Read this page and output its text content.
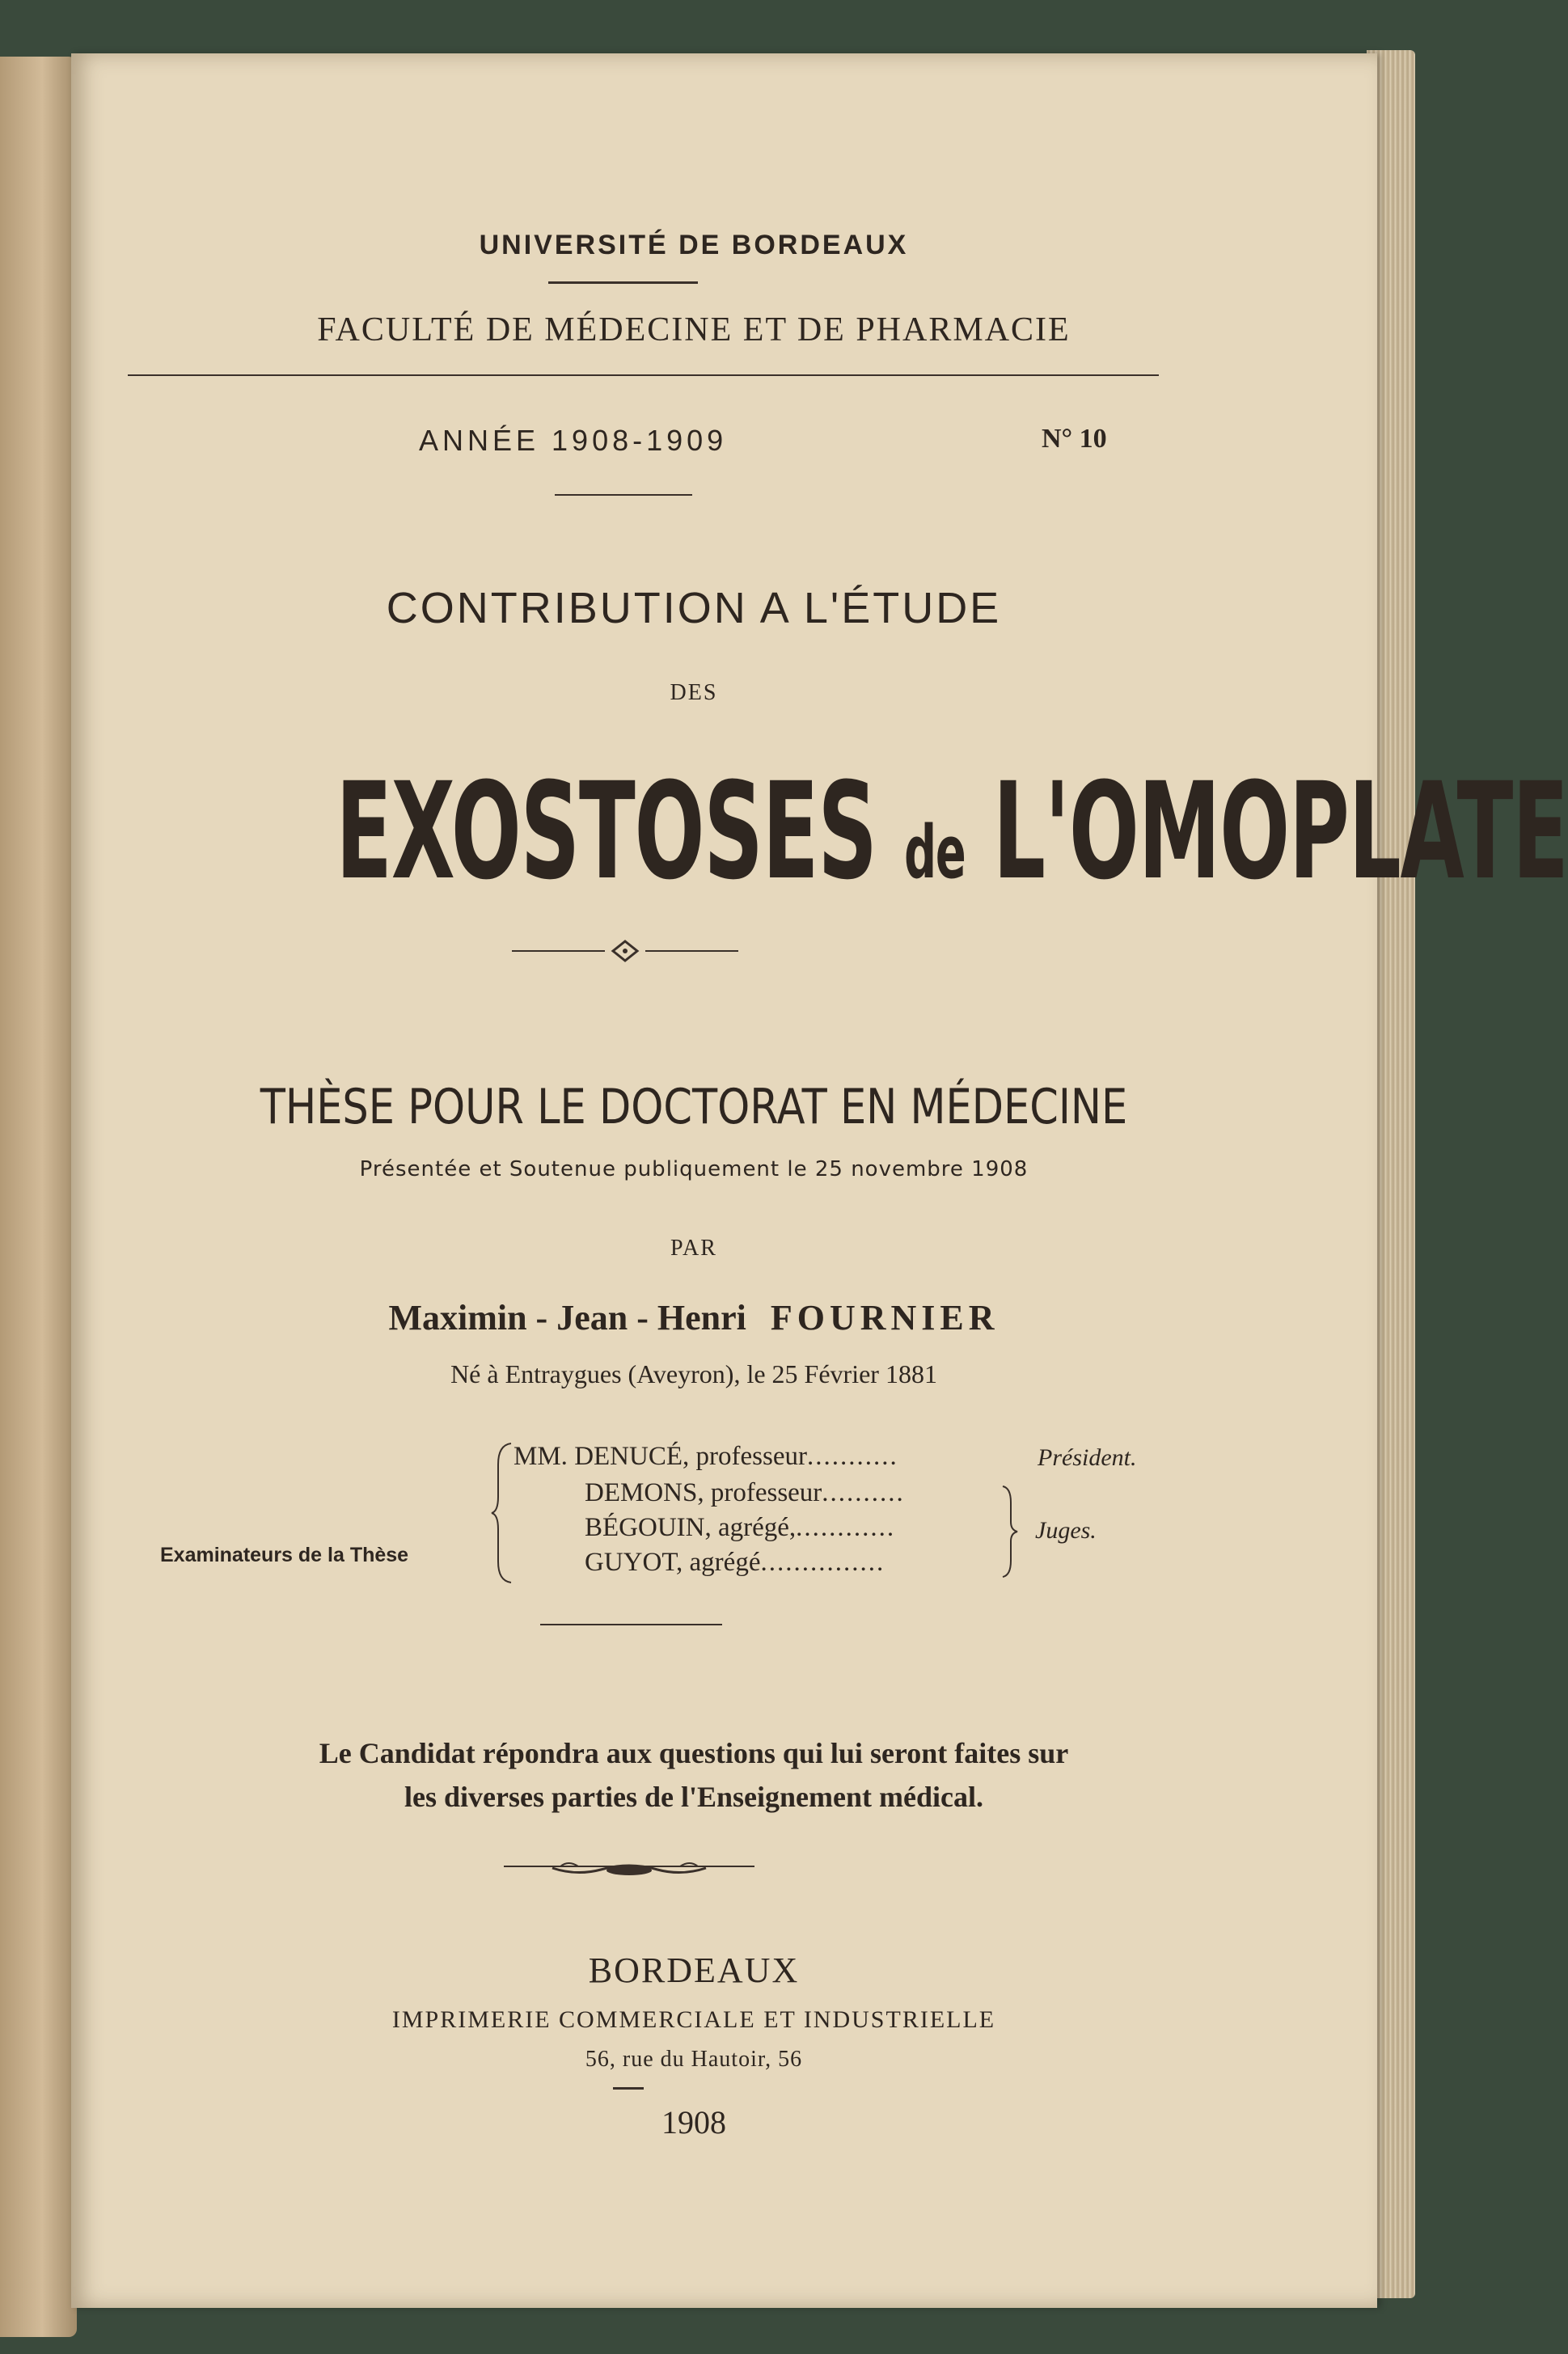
UNIVERSITÉ DE BORDEAUX
FACULTÉ DE MÉDECINE ET DE PHARMACIE
ANNÉE 1908-1909	N° 10
CONTRIBUTION A L'ÉTUDE
DES
EXOSTOSES de L'OMOPLATE
THÈSE POUR LE DOCTORAT EN MÉDECINE
Présentée et Soutenue publiquement le 25 novembre 1908
PAR
Maximin - Jean - Henri FOURNIER
Né à Entraygues (Aveyron), le 25 Février 1881
Examinateurs de la Thèse
MM. DENUCÉ, professeur...........
DEMONS, professeur..........
BÉGOUIN, agrégé,............
GUYOT, agrégé...............
Président.
Juges.
Le Candidat répondra aux questions qui lui seront faites sur
les diverses parties de l'Enseignement médical.
BORDEAUX
IMPRIMERIE COMMERCIALE ET INDUSTRIELLE
56, rue du Hautoir, 56
1908
